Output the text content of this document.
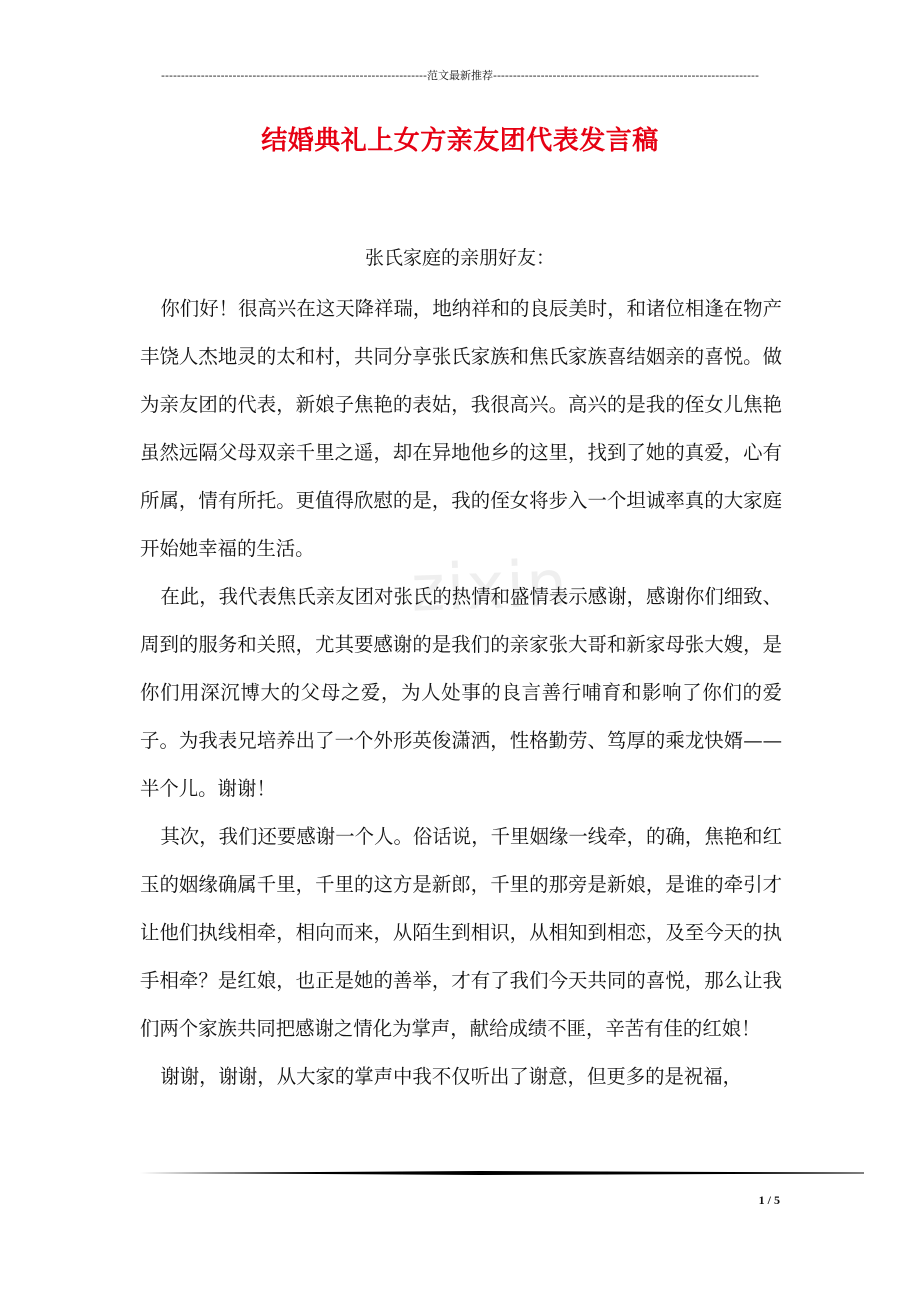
-------------------------------------------------------------------范文最新推荐-------------------------------------------------------------------
结婚典礼上女方亲友团代表发言稿
zixin
张氏家庭的亲朋好友：

你们好！很高兴在这天降祥瑞，地纳祥和的良辰美时，和诸位相逢在物产丰饶人杰地灵的太和村，共同分享张氏家族和焦氏家族喜结姻亲的喜悦。做为亲友团的代表，新娘子焦艳的表姑，我很高兴。高兴的是我的侄女儿焦艳虽然远隔父母双亲千里之遥，却在异地他乡的这里，找到了她的真爱，心有所属，情有所托。更值得欣慰的是，我的侄女将步入一个坦诚率真的大家庭开始她幸福的生活。

在此，我代表焦氏亲友团对张氏的热情和盛情表示感谢，感谢你们细致、周到的服务和关照，尤其要感谢的是我们的亲家张大哥和新家母张大嫂，是你们用深沉博大的父母之爱，为人处事的良言善行哺育和影响了你们的爱子。为我表兄培养出了一个外形英俊潇洒，性格勤劳、笃厚的乘龙快婿——半个儿。谢谢！

其次，我们还要感谢一个人。俗话说，千里姻缘一线牵，的确，焦艳和红玉的姻缘确属千里，千里的这方是新郎，千里的那旁是新娘，是谁的牵引才让他们执线相牵，相向而来，从陌生到相识，从相知到相恋，及至今天的执手相牵？是红娘，也正是她的善举，才有了我们今天共同的喜悦，那么让我们两个家族共同把感谢之情化为掌声，献给成绩不匪，辛苦有佳的红娘！

谢谢，谢谢，从大家的掌声中我不仅听出了谢意，但更多的是祝福，

1 / 5
